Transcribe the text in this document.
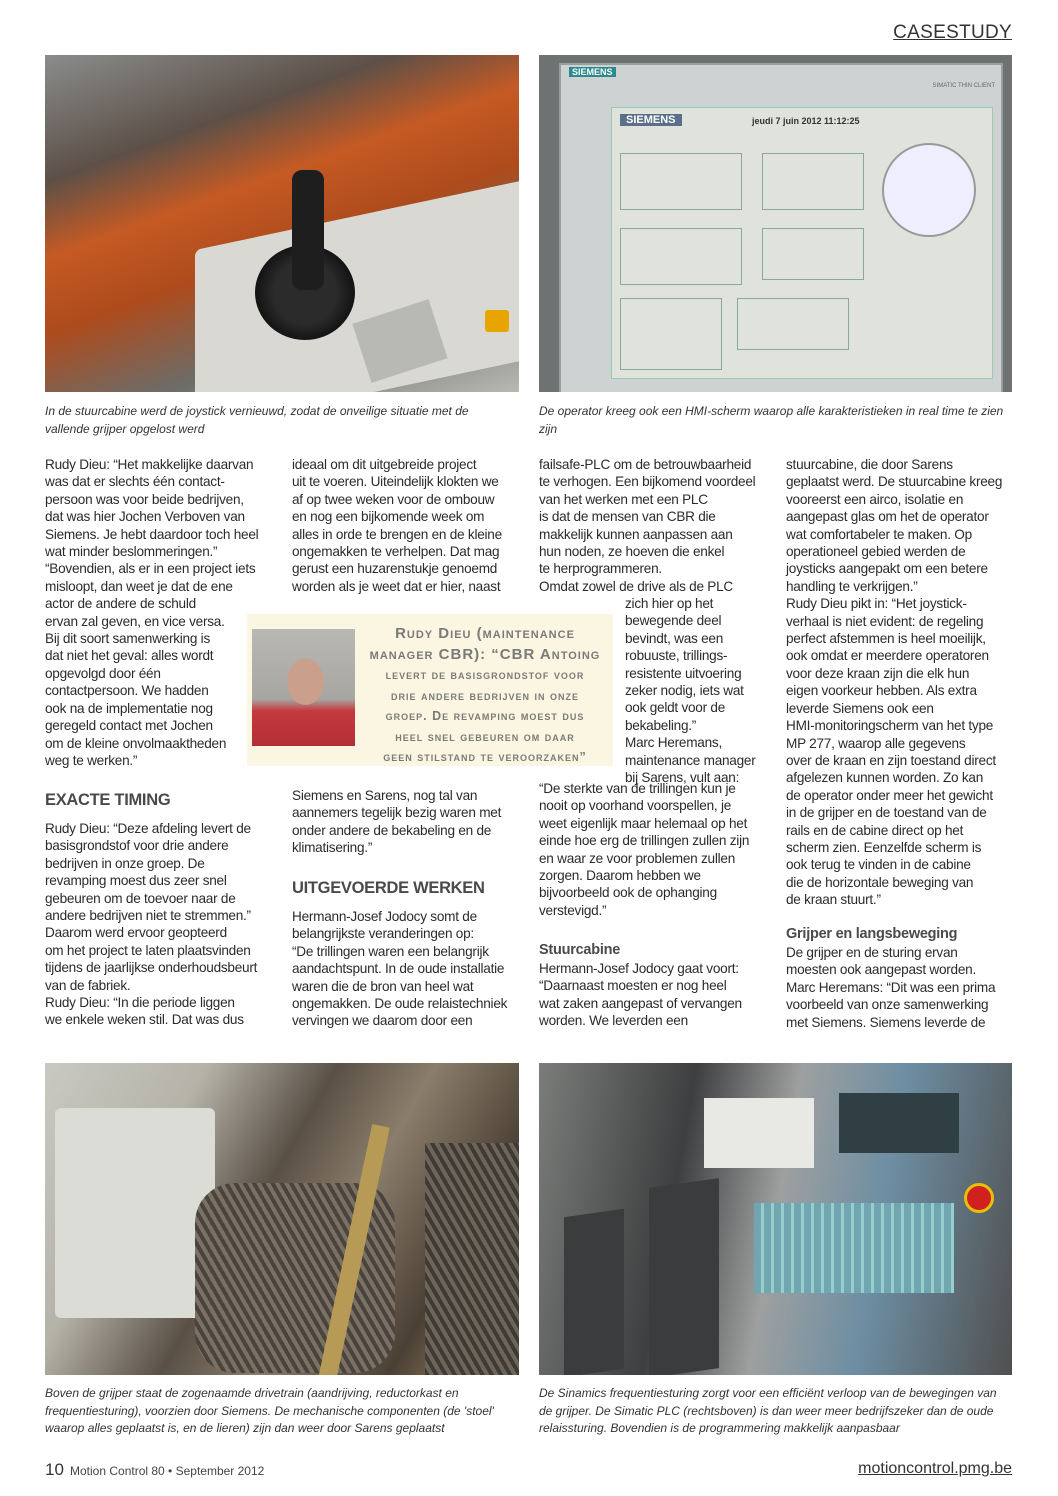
CASESTUDY
SIEMENS
SIMATIC THIN CLIENT
SIEMENS	jeudi 7 juin 2012 11:12:25
In de stuurcabine werd de joystick vernieuwd, zodat de onveilige situatie met de
vallende grijper opgelost werd
De operator kreeg ook een HMI-scherm waarop alle karakteristieken in real time te zien
zijn
Rudy Dieu: “Het makkelijke daarvan
was dat er slechts één contact-
persoon was voor beide bedrijven,
dat was hier Jochen Verboven van
Siemens. Je hebt daardoor toch heel
wat minder beslommeringen.”
“Bovendien, als er in een project iets
misloopt, dan weet je dat de ene
actor de andere de schuld
ervan zal geven, en vice versa.
Bij dit soort samenwerking is
dat niet het geval: alles wordt
opgevolgd door één
contactpersoon. We hadden
ook na de implementatie nog
geregeld contact met Jochen
om de kleine onvolmaaktheden
weg te werken.”
EXACTE TIMING
Rudy Dieu: “Deze afdeling levert de
basisgrondstof voor drie andere
bedrijven in onze groep. De
revamping moest dus zeer snel
gebeuren om de toevoer naar de
andere bedrijven niet te stremmen.”
Daarom werd ervoor geopteerd
om het project te laten plaatsvinden
tijdens de jaarlijkse onderhoudsbeurt
van de fabriek.
Rudy Dieu: “In die periode liggen
we enkele weken stil. Dat was dus
ideaal om dit uitgebreide project
uit te voeren. Uiteindelijk klokten we
af op twee weken voor de ombouw
en nog een bijkomende week om
alles in orde te brengen en de kleine
ongemakken te verhelpen. Dat mag
gerust een huzarenstukje genoemd
worden als je weet dat er hier, naast
Siemens en Sarens, nog tal van
aannemers tegelijk bezig waren met
onder andere de bekabeling en de
klimatisering.”
UITGEVOERDE WERKEN
Hermann-Josef Jodocy somt de
belangrijkste veranderingen op:
“De trillingen waren een belangrijk
aandachtspunt. In de oude installatie
waren die de bron van heel wat
ongemakken. De oude relaistechniek
vervingen we daarom door een
failsafe-PLC om de betrouwbaarheid
te verhogen. Een bijkomend voordeel
van het werken met een PLC
is dat de mensen van CBR die
makkelijk kunnen aanpassen aan
hun noden, ze hoeven die enkel
te herprogrammeren.
Omdat zowel de drive als de PLC
zich hier op het
bewegende deel
bevindt, was een
robuuste, trillings-
resistente uitvoering
zeker nodig, iets wat
ook geldt voor de
bekabeling.”
Marc Heremans,
maintenance manager
bij Sarens, vult aan:
“De sterkte van de trillingen kun je
nooit op voorhand voorspellen, je
weet eigenlijk maar helemaal op het
einde hoe erg de trillingen zullen zijn
en waar ze voor problemen zullen
zorgen. Daarom hebben we
bijvoorbeeld ook de ophanging
verstevigd.”
Stuurcabine
Hermann-Josef Jodocy gaat voort:
“Daarnaast moesten er nog heel
wat zaken aangepast of vervangen
worden. We leverden een
stuurcabine, die door Sarens
geplaatst werd. De stuurcabine kreeg
vooreerst een airco, isolatie en
aangepast glas om het de operator
wat comfortabeler te maken. Op
operationeel gebied werden de
joysticks aangepakt om een betere
handling te verkrijgen.”
Rudy Dieu pikt in: “Het joystick-
verhaal is niet evident: de regeling
perfect afstemmen is heel moeilijk,
ook omdat er meerdere operatoren
voor deze kraan zijn die elk hun
eigen voorkeur hebben. Als extra
leverde Siemens ook een
HMI-monitoringscherm van het type
MP 277, waarop alle gegevens
over de kraan en zijn toestand direct
afgelezen kunnen worden. Zo kan
de operator onder meer het gewicht
in de grijper en de toestand van de
rails en de cabine direct op het
scherm zien. Eenzelfde scherm is
ook terug te vinden in de cabine
die de horizontale beweging van
de kraan stuurt.”
Grijper en langsbeweging
De grijper en de sturing ervan
moesten ook aangepast worden.
Marc Heremans: “Dit was een prima
voorbeeld van onze samenwerking
met Siemens. Siemens leverde de
Rudy Dieu (maintenance
manager CBR): “CBR Antoing
levert de basisgrondstof voor
drie andere bedrijven in onze
groep. De revamping moest dus
heel snel gebeuren om daar
geen stilstand te veroorzaken”
Boven de grijper staat de zogenaamde drivetrain (aandrijving, reductorkast en
frequentiesturing), voorzien door Siemens. De mechanische componenten (de 'stoel'
waarop alles geplaatst is, en de lieren) zijn dan weer door Sarens geplaatst
De Sinamics frequentiesturing zorgt voor een efficiënt verloop van de bewegingen van
de grijper. De Simatic PLC (rechtsboven) is dan weer meer bedrijfszeker dan de oude
relaissturing. Bovendien is de programmering makkelijk aanpasbaar
10 Motion Control 80 • September 2012	motioncontrol.pmg.be
